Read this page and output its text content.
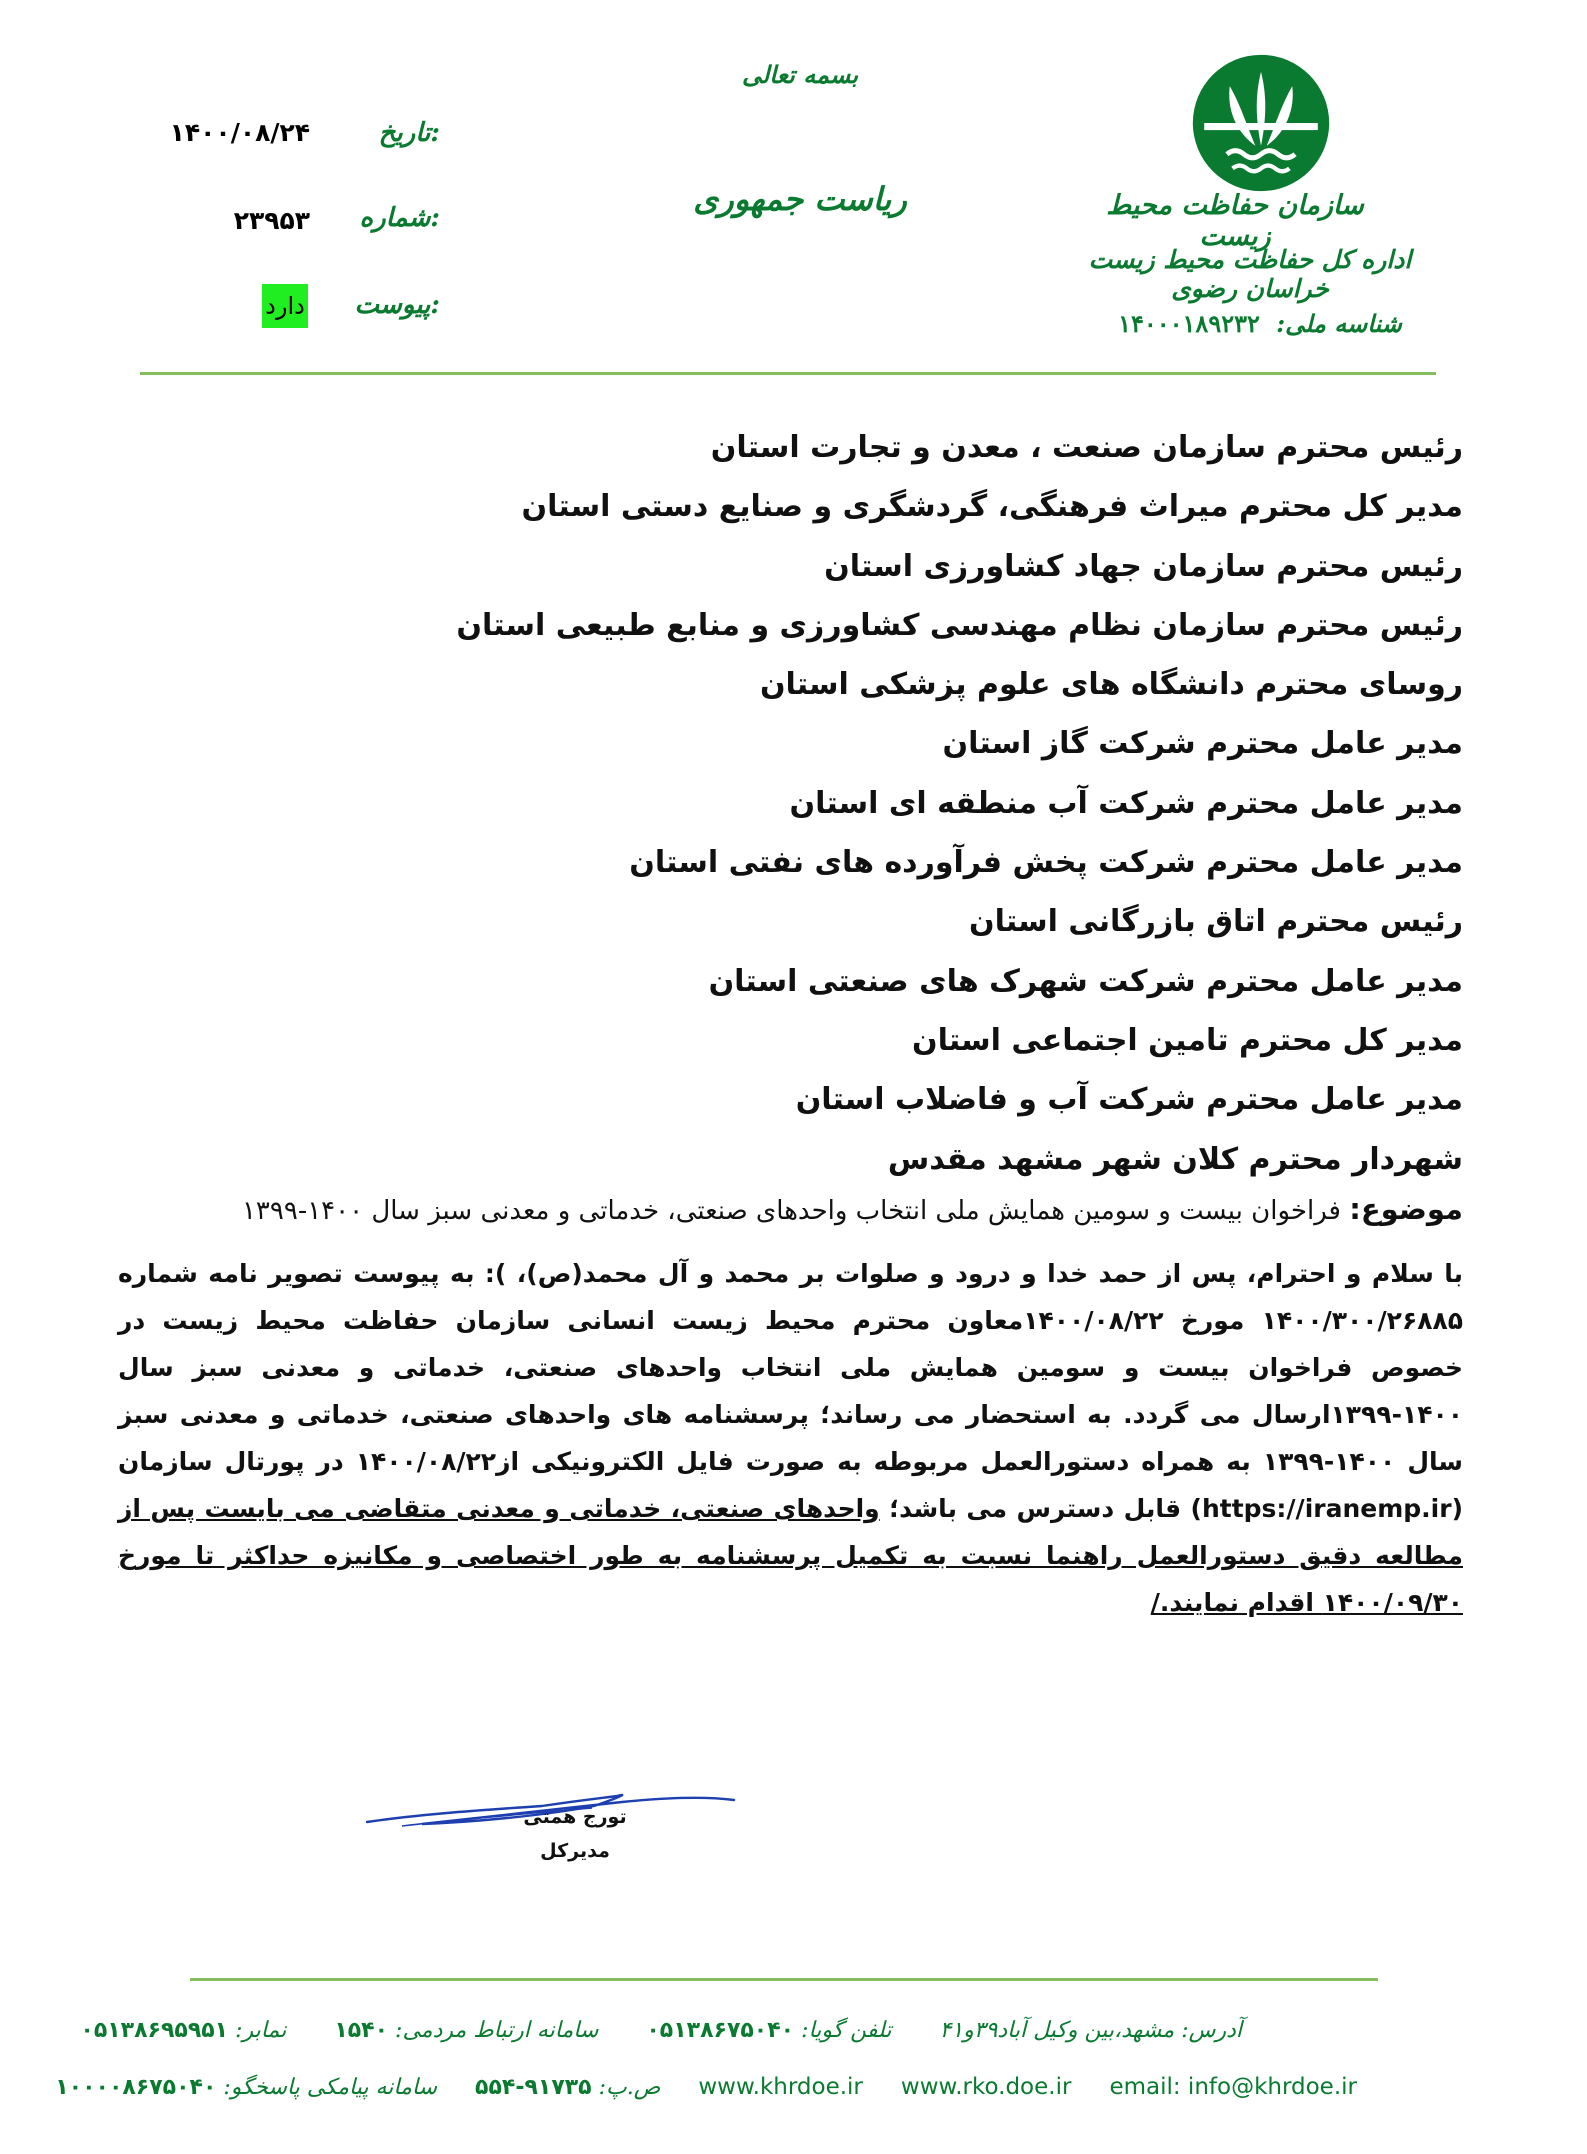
سازمان حفاظت محیط زیست
اداره کل حفاظت محیط زیست خراسان رضوی
شناسه ملی: ۱۴۰۰۰۱۸۹۲۳۲
بسمه تعالی
ریاست جمهوری
تاریخ:
۱۴۰۰/۰۸/۲۴
شماره:
۲۳۹۵۳
پیوست:
دارد
رئیس محترم سازمان صنعت ، معدن و تجارت استان
مدیر کل محترم میراث فرهنگی، گردشگری و صنایع دستی استان
رئیس محترم سازمان جهاد کشاورزی استان
رئیس محترم سازمان نظام مهندسی کشاورزی و منابع طبیعی استان
روسای محترم دانشگاه های علوم پزشکی استان
مدیر عامل محترم شرکت گاز استان
مدیر عامل محترم شرکت آب منطقه ای استان
مدیر عامل محترم شرکت پخش فرآورده های نفتی استان
رئیس محترم اتاق بازرگانی استان
مدیر عامل محترم شرکت شهرک های صنعتی استان
مدیر کل محترم تامین اجتماعی استان
مدیر عامل محترم شرکت آب و فاضلاب استان
شهردار محترم کلان شهر مشهد مقدس
موضوع: فراخوان بیست و سومین همایش ملی انتخاب واحدهای صنعتی، خدماتی و معدنی سبز سال ۱۴۰۰-۱۳۹۹

با سلام و احترام، پس از حمد خدا و درود و صلوات بر محمد و آل محمد(ص)، ): به پیوست تصویر نامه شماره ۱۴۰۰/۳۰۰/۲۶۸۸۵ مورخ ۱۴۰۰/۰۸/۲۲معاون محترم محیط زیست انسانی سازمان حفاظت محیط زیست در خصوص فراخوان بیست و سومین همایش ملی انتخاب واحدهای صنعتی، خدماتی و معدنی سبز سال ۱۴۰۰-۱۳۹۹ارسال می گردد. به استحضار می رساند؛ پرسشنامه های واحدهای صنعتی، خدماتی و معدنی سبز سال ۱۴۰۰-۱۳۹۹ به همراه دستورالعمل مربوطه به صورت فایل الکترونیکی از۱۴۰۰/۰۸/۲۲ در پورتال سازمان (https://iranemp.ir) قابل دسترس می باشد؛ واحدهای صنعتی، خدماتی و معدنی متقاضی می بایست پس از مطالعه دقیق دستورالعمل راهنما نسبت به تکمیل پرسشنامه به طور اختصاصی و مکانیزه حداکثر تا مورخ ۱۴۰۰/۰۹/۳۰ اقدام نمایند./

تورج همتی
مدیرکل
آدرس: مشهد،بین وکیل آباد۳۹و۴۱  تلفن گویا: ۰۵۱۳۸۶۷۵۰۴۰  سامانه ارتباط مردمی: ۱۵۴۰  نمابر: ۰۵۱۳۸۶۹۵۹۵۱
www.khrdoe.ir www.rko.doe.ir email: info@khrdoe.ir  ص.پ: ۹۱۷۳۵-۵۵۴  سامانه پیامکی پاسخگو: ۱۰۰۰۰۸۶۷۵۰۴۰
